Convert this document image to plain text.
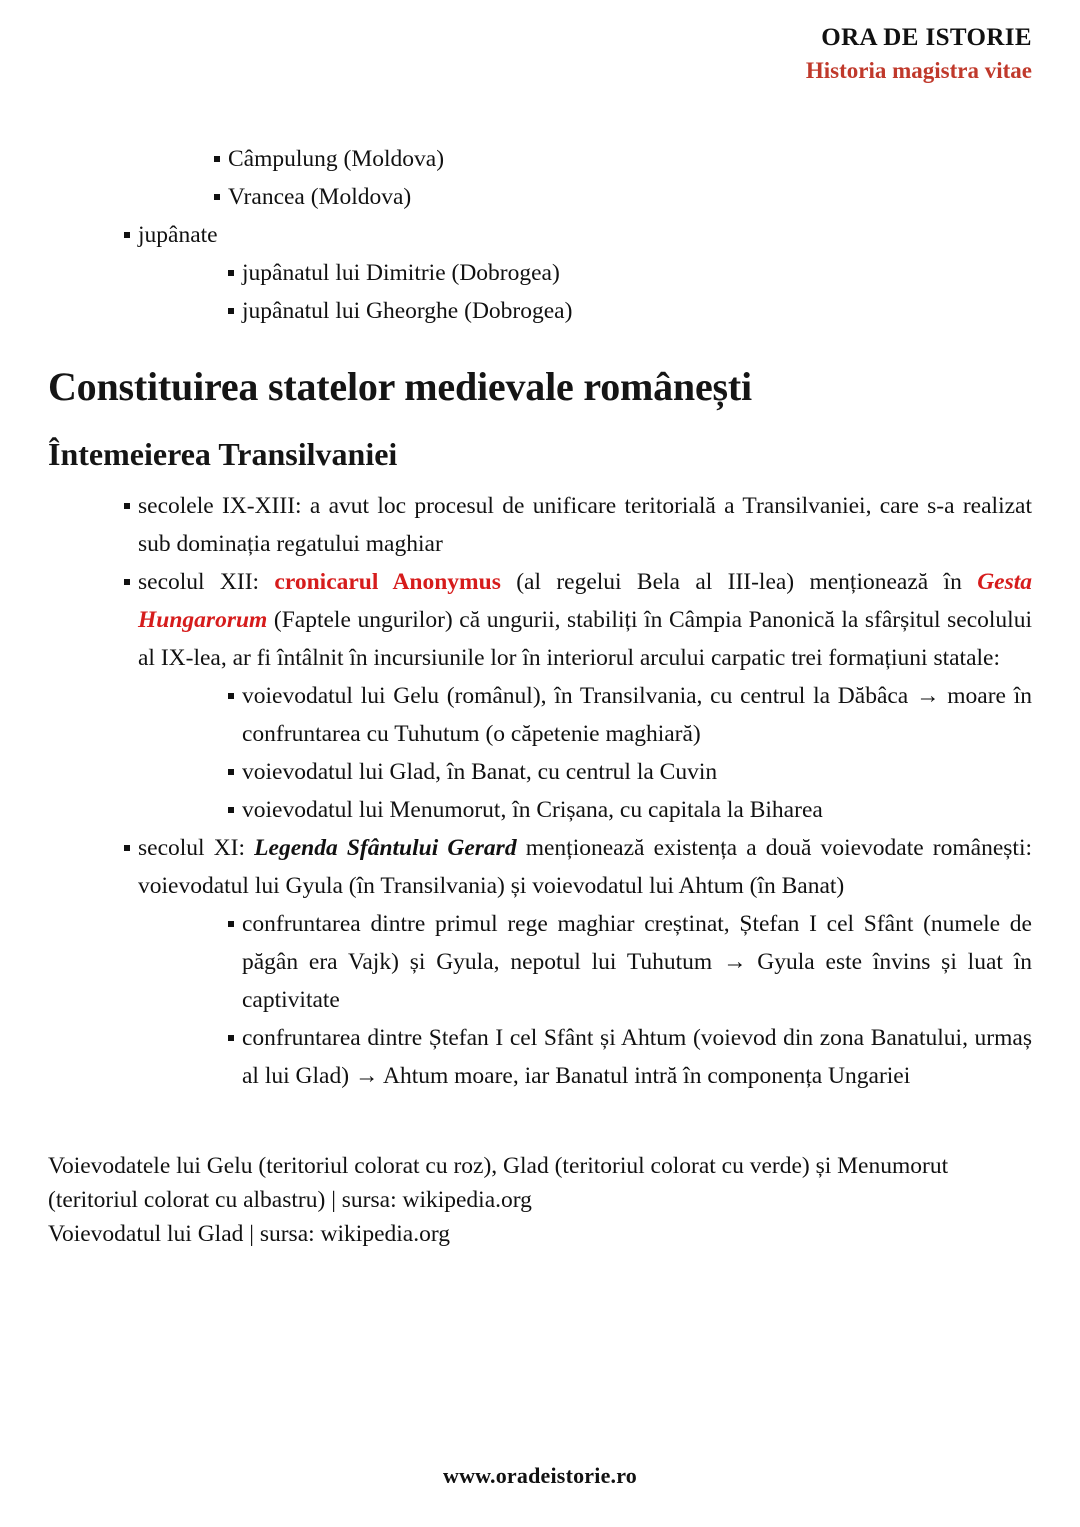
ORA DE ISTORIE
Historia magistra vitae
Câmpulung (Moldova)
Vrancea (Moldova)
jupânate
jupânatul lui Dimitrie (Dobrogea)
jupânatul lui Gheorghe (Dobrogea)
Constituirea statelor medievale românești
Întemeierea Transilvaniei
secolele IX-XIII: a avut loc procesul de unificare teritorială a Transilvaniei, care s-a realizat sub dominația regatului maghiar
secolul XII: cronicarul Anonymus (al regelui Bela al III-lea) menționează în Gesta Hungarorum (Faptele ungurilor) că ungurii, stabiliți în Câmpia Panonică la sfârșitul secolului al IX-lea, ar fi întâlnit în incursiunile lor în interiorul arcului carpatic trei formațiuni statale:
voievodatul lui Gelu (românul), în Transilvania, cu centrul la Dăbâca → moare în confruntarea cu Tuhutum (o căpetenie maghiară)
voievodatul lui Glad, în Banat, cu centrul la Cuvin
voievodatul lui Menumorut, în Crișana, cu capitala la Biharea
secolul XI: Legenda Sfântului Gerard menționează existența a două voievodate românești: voievodatul lui Gyula (în Transilvania) și voievodatul lui Ahtum (în Banat)
confruntarea dintre primul rege maghiar creștinat, Ștefan I cel Sfânt (numele de păgân era Vajk) și Gyula, nepotul lui Tuhutum → Gyula este învins și luat în captivitate
confruntarea dintre Ștefan I cel Sfânt și Ahtum (voievod din zona Banatului, urmaș al lui Glad) → Ahtum moare, iar Banatul intră în componența Ungariei

Voievodatele lui Gelu (teritoriul colorat cu roz), Glad (teritoriul colorat cu verde) și Menumorut (teritoriul colorat cu albastru) | sursa: wikipedia.org

Voievodatul lui Glad | sursa: wikipedia.org

www.oradeistorie.ro
